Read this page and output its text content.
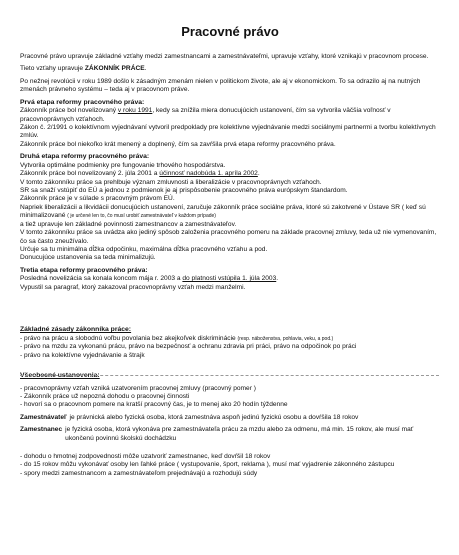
Pracovné právo

Pracovné právo upravuje základné vzťahy medzi zamestnancami a zamestnávateľmi, upravuje vzťahy, ktoré vznikajú v pracovnom procese.

Tieto vzťahy upravuje ZÁKONNÍK PRÁCE.

Po nežnej revolúcii v roku 1989 došlo k zásadným zmenám nielen v politickom živote, ale aj v ekonomickom. To sa odrazilo aj na nutných zmenách právneho systému – teda aj v pracovnom práve.

Prvá etapa reformy pracovného práva:

Zákonník práce bol novelizovaný v roku 1991, kedy sa znížila miera donucujúcich ustanovení, čím sa vytvorila väčšia voľnosť v pracovnoprávnych vzťahoch.

Zákon č. 2/1991 o kolektívnom vyjednávaní vytvoril predpoklady pre kolektívne vyjednávanie medzi sociálnymi partnermi a tvorbu kolektívnych zmlúv.

Zákonník práce bol niekoľko krát menený a doplnený, čím sa zavŕšila prvá etapa reformy pracovného práva.

Druhá etapa reformy pracovného práva:

Vytvorila optimálne podmienky pre fungovanie trhového hospodárstva.

Zákonník práce bol novelizovaný 2. júla 2001 a účinnosť nadobúda 1. apríla 2002.

V tomto zákonníku práce sa prehlbuje význam zmluvnosti a liberalizácie v pracovnoprávnych vzťahoch.

SR sa snaží vstúpiť do EÚ a jednou z podmienok je aj prispôsobenie pracovného práva európskym štandardom.

Zákonník práce je v súlade s pracovným právom EÚ.

Napriek liberalizácii a likvidácii donucujúcich ustanovení, zaručuje zákonník práce sociálne práva, ktoré sú zakotvené v Ústave SR ( keď sú minimalizované ( je určené len to, čo musí urobiť zamestnávateľ v každom prípade)

a tiež upravuje len základné povinnosti zamestnancov a zamestnávateľov.

V tomto zákonníku práce sa uvádza ako jediný spôsob založenia pracovného pomeru na základe pracovnej zmluvy, teda už nie vymenovaním, čo sa často zneužívalo.

Určuje sa tu minimálna dĺžka odpočinku, maximálna dĺžka pracovného vzťahu a pod.

Donucujúce ustanovenia sa teda minimalizujú.

Tretia etapa reformy pracovného práva:

Posledná novelizácia sa konala koncom mája r. 2003 a do platnosti vstúpila 1. júla 2003.

Vypustil sa paragraf, ktorý zakazoval pracovnoprávny vzťah medzi manželmi.

Základné zásady zákonníka práce:

- právo na prácu a slobodnú voľbu povolania bez akejkoľvek diskriminácie (resp. náboženstva, pohlavia, veku, a pod.)

- právo na mzdu za vykonanú prácu, právo na bezpečnosť a ochranu zdravia pri práci, právo na odpočinok po práci

- právo na kolektívne vyjednávanie a štrajk

Všeobecné ustanovenia:

- pracovnoprávny vzťah vzniká uzatvorením pracovnej zmluvy (pracovný pomer )

- Zákonník práce už nepozná dohodu o pracovnej činnosti

- hovorí sa o pracovnom pomere na kratší pracovný čas, je to menej ako 20 hodín týždenne

Zamestnávateľ je právnická alebo fyzická osoba, ktorá zamestnáva aspoň jedinú fyzickú osobu a dovŕšila 18 rokov

Zamestnanec je fyzická osoba, ktorá vykonáva pre zamestnávateľa prácu za mzdu alebo za odmenu, má min. 15 rokov, ale musí mať ukončenú povinnú školskú dochádzku

- dohodu o hmotnej zodpovednosti môže uzatvoriť zamestnanec, keď dovŕšil 18 rokov

- do 15 rokov môžu vykonávať osoby len ľahké práce ( vystupovanie, šport, reklama ), musí mať vyjadrenie zákonného zástupcu

- spory medzi zamestnancom a zamestnávateľom prejednávajú a rozhodujú súdy
